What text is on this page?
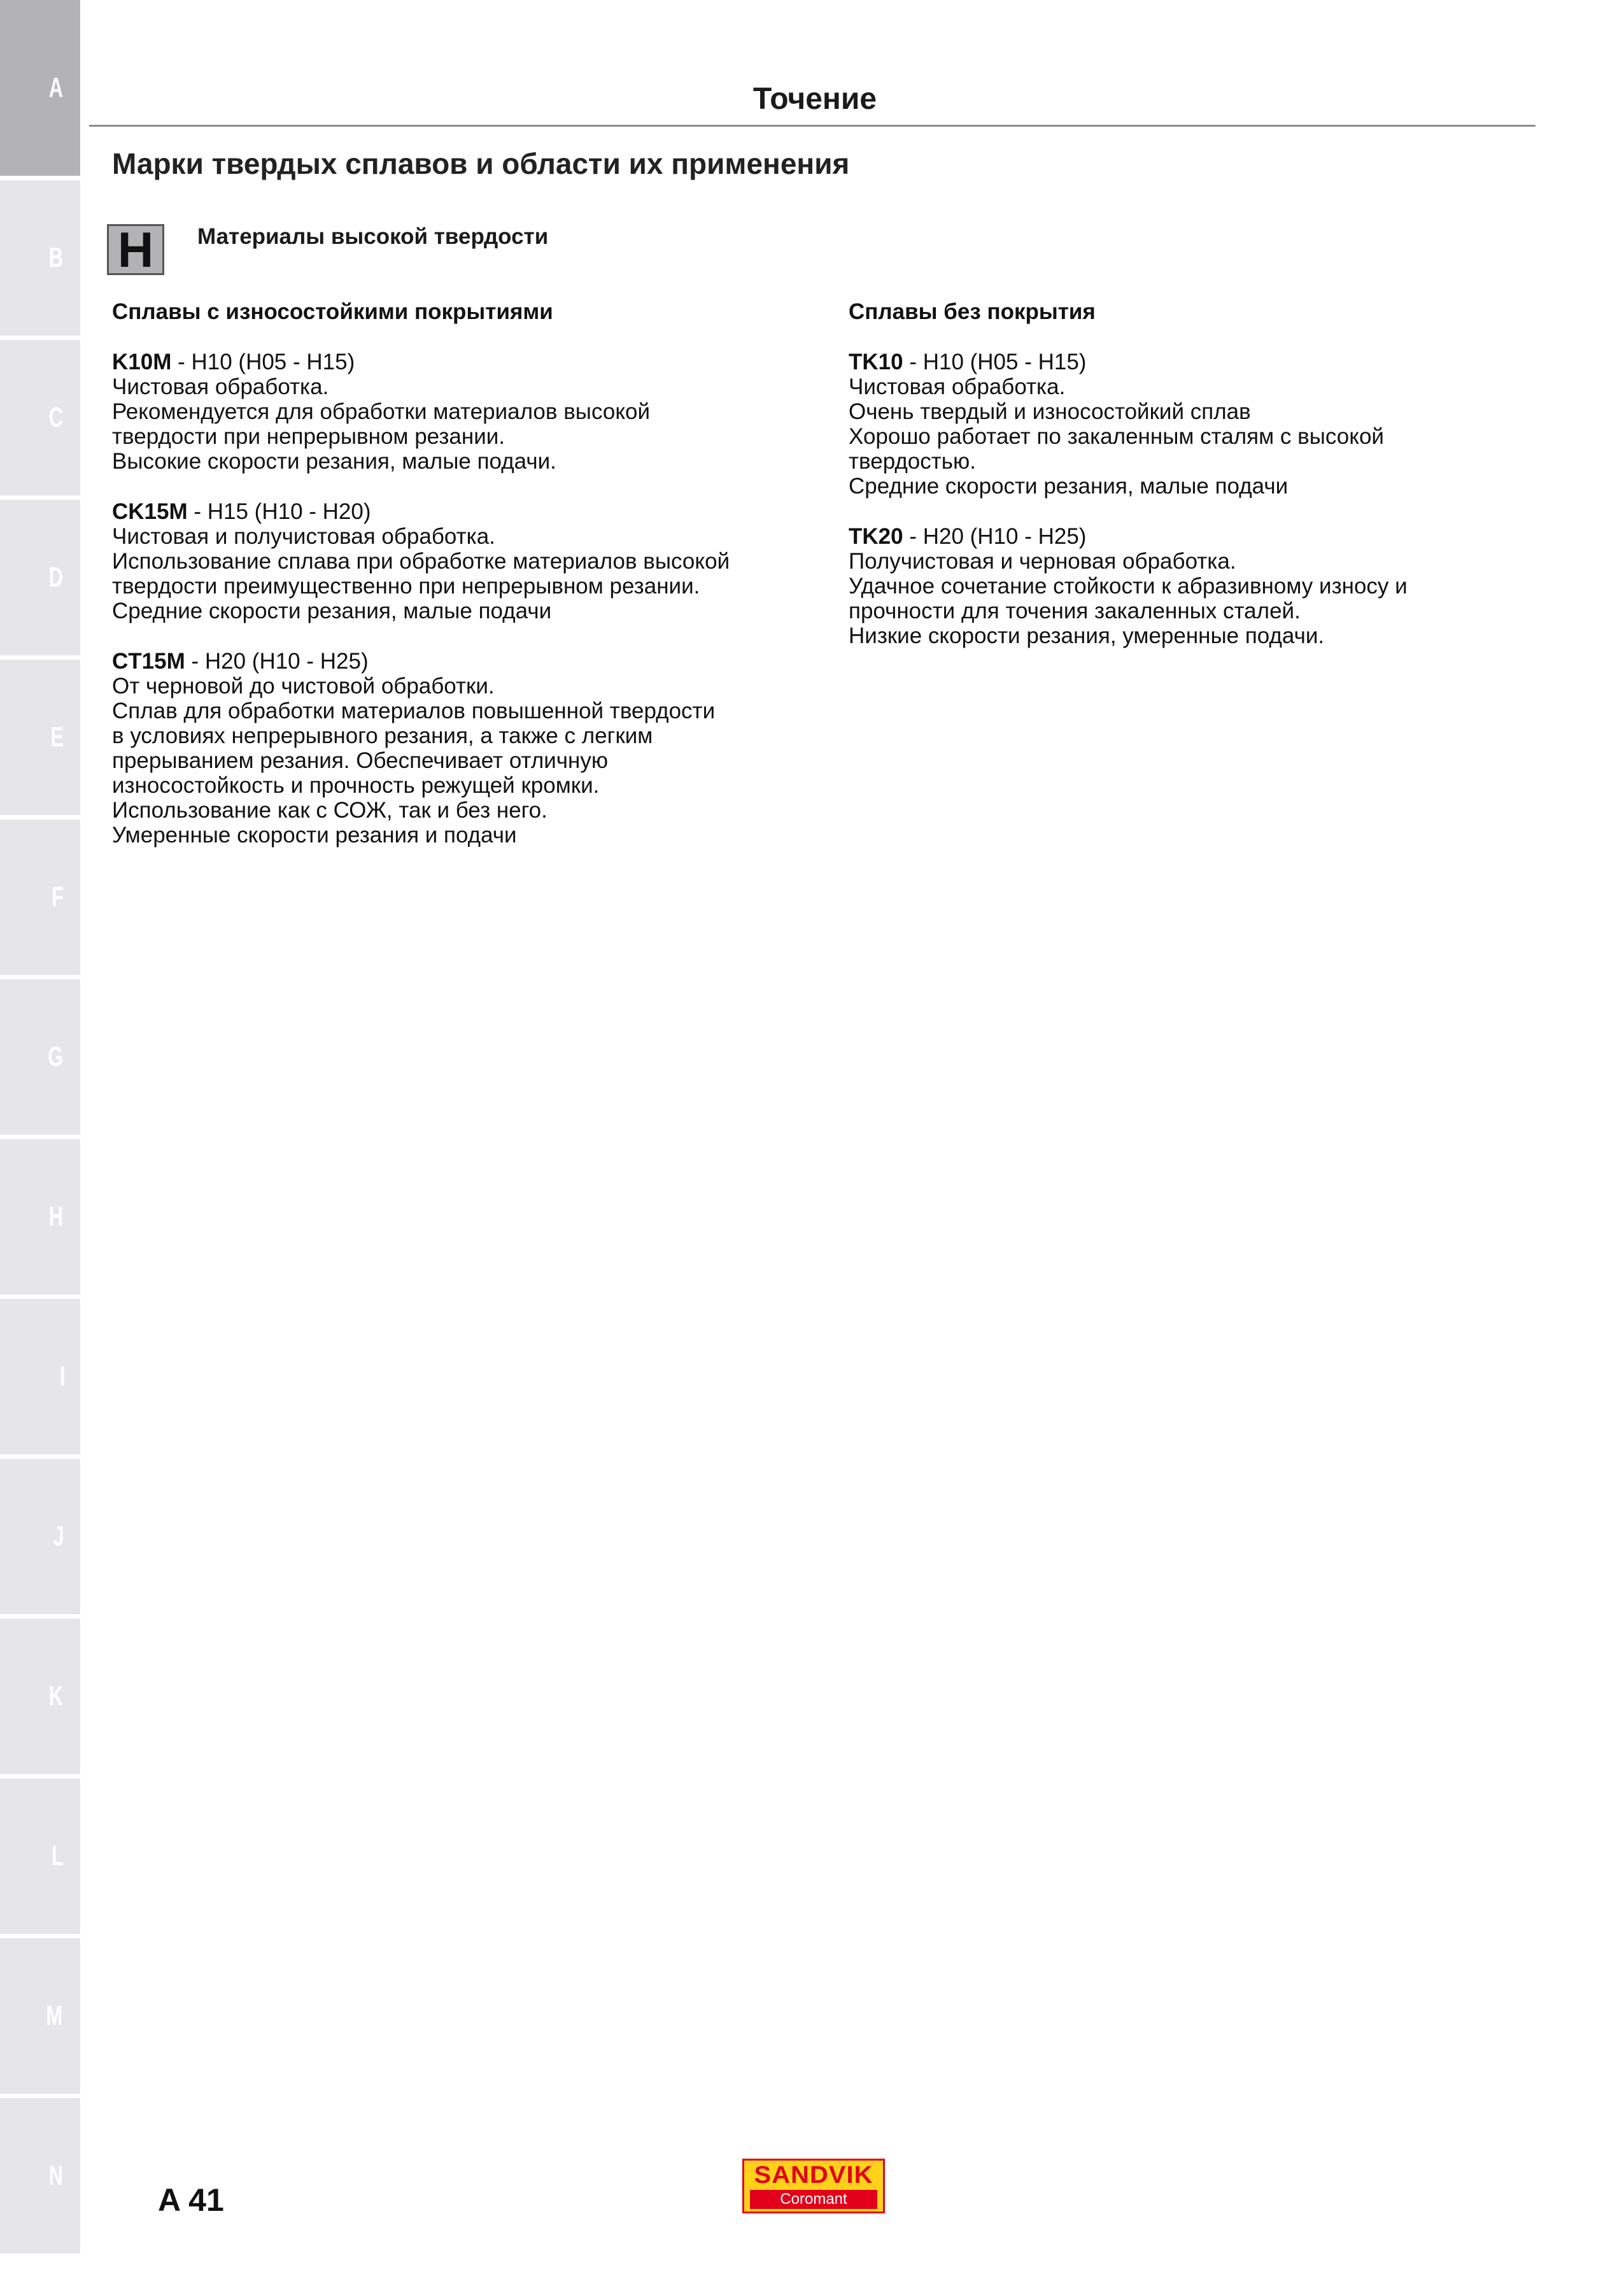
A
B
C
D
E
F
G
H
I
J
K
L
M
N
Точение
Марки твердых сплавов и области их применения
H	Материалы высокой твердости
Сплавы с износостойкими покрытиями
K10M - H10 (H05 - H15)
Чистовая обработка.
Рекомендуется для обработки материалов высокой
твердости при непрерывном резании.
Высокие скорости резания, малые подачи.
CK15M - H15 (H10 - H20)
Чистовая и получистовая обработка.
Использование сплава при обработке материалов высокой
твердости преимущественно при непрерывном резании.
Средние скорости резания, малые подачи
CT15M - H20 (H10 - H25)
От черновой до чистовой обработки.
Сплав для обработки материалов повышенной твердости
в условиях непрерывного резания, а также с легким
прерыванием резания. Обеспечивает отличную
износостойкость и прочность режущей кромки.
Использование как с СОЖ, так и без него.
Умеренные скорости резания и подачи
Сплавы без покрытия
TK10 - H10 (H05 - H15)
Чистовая обработка.
Очень твердый и износостойкий сплав
Хорошо работает по закаленным сталям с высокой
твердостью.
Средние скорости резания, малые подачи
TK20 - H20 (H10 - H25)
Получистовая и черновая обработка.
Удачное сочетание стойкости к абразивному износу и
прочности для точения закаленных сталей.
Низкие скорости резания, умеренные подачи.
A 41
SANDVIK
Coromant
